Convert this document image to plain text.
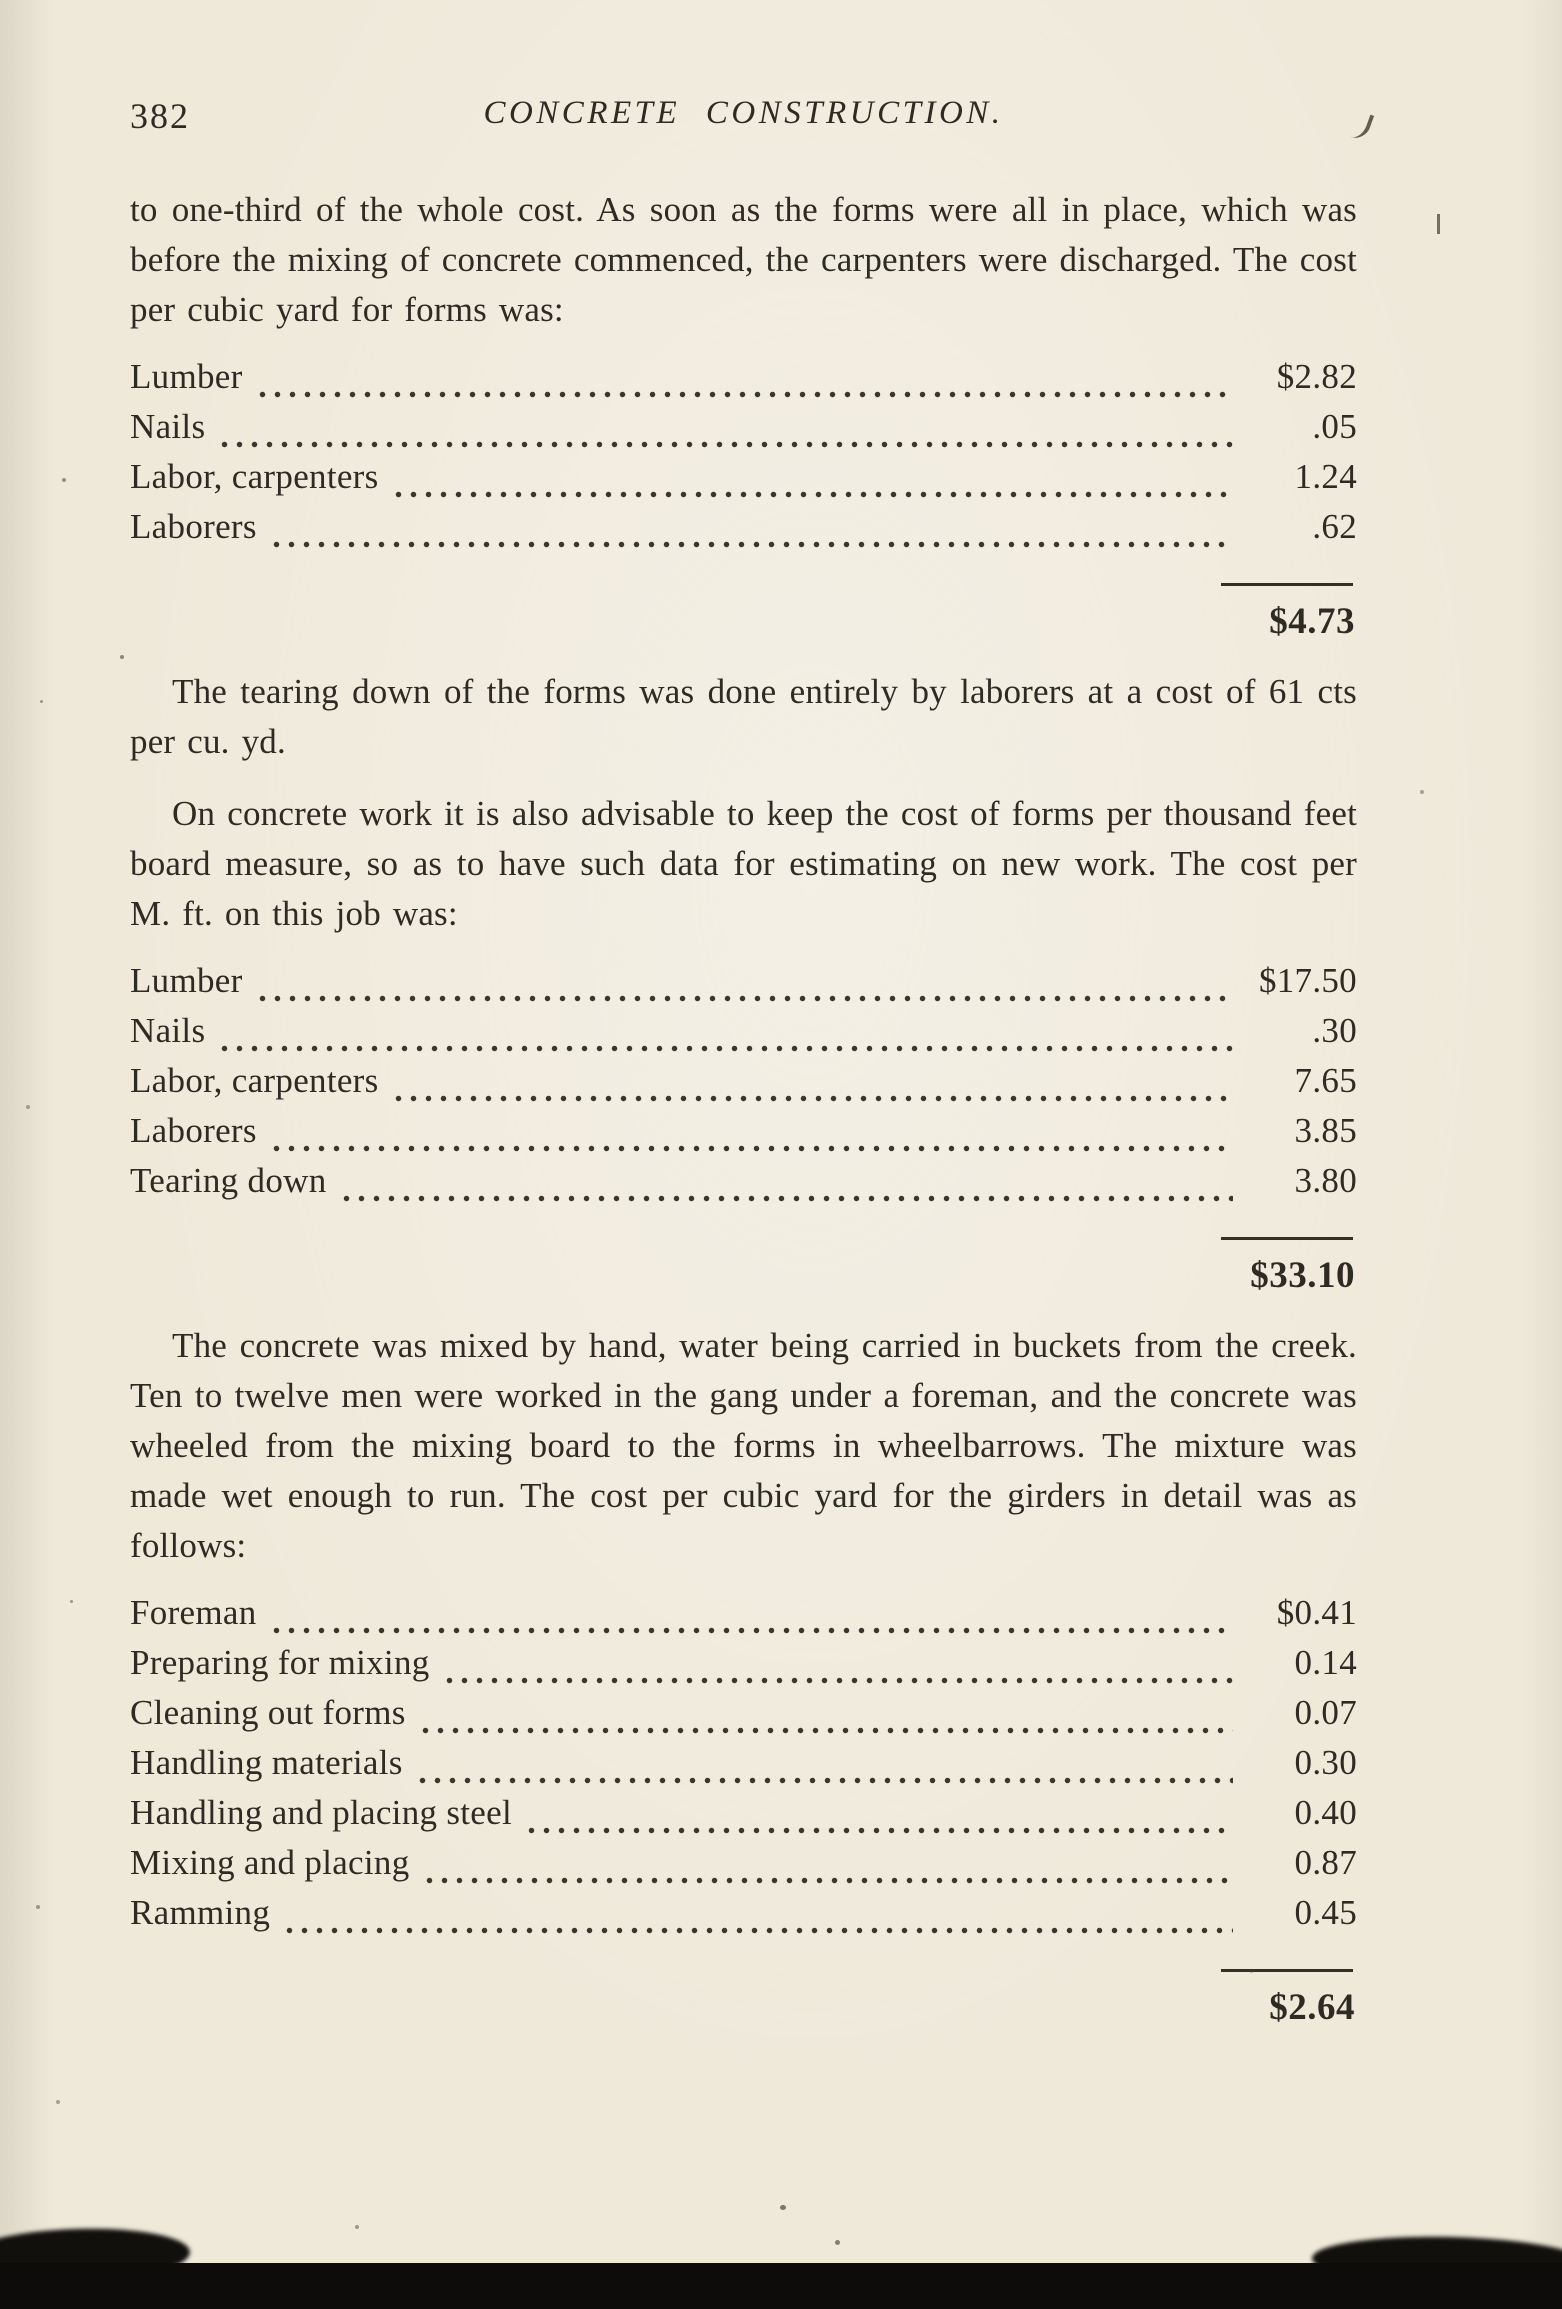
382	CONCRETE CONSTRUCTION.

to one-third of the whole cost. As soon as the forms were all in place, which was before the mixing of concrete commenced, the carpenters were discharged. The cost per cubic yard for forms was:

Lumber	$2.82
Nails	.05
Labor, carpenters	1.24
Laborers	.62
$4.73

The tearing down of the forms was done entirely by laborers at a cost of 61 cts per cu. yd.

On concrete work it is also advisable to keep the cost of forms per thousand feet board measure, so as to have such data for estimating on new work. The cost per M. ft. on this job was:

Lumber	$17.50
Nails	.30
Labor, carpenters	7.65
Laborers	3.85
Tearing down	3.80
$33.10

The concrete was mixed by hand, water being carried in buckets from the creek. Ten to twelve men were worked in the gang under a foreman, and the concrete was wheeled from the mixing board to the forms in wheelbarrows. The mixture was made wet enough to run. The cost per cubic yard for the girders in detail was as follows:

Foreman	$0.41
Preparing for mixing	0.14
Cleaning out forms	0.07
Handling materials	0.30
Handling and placing steel	0.40
Mixing and placing	0.87
Ramming	0.45
$2.64
